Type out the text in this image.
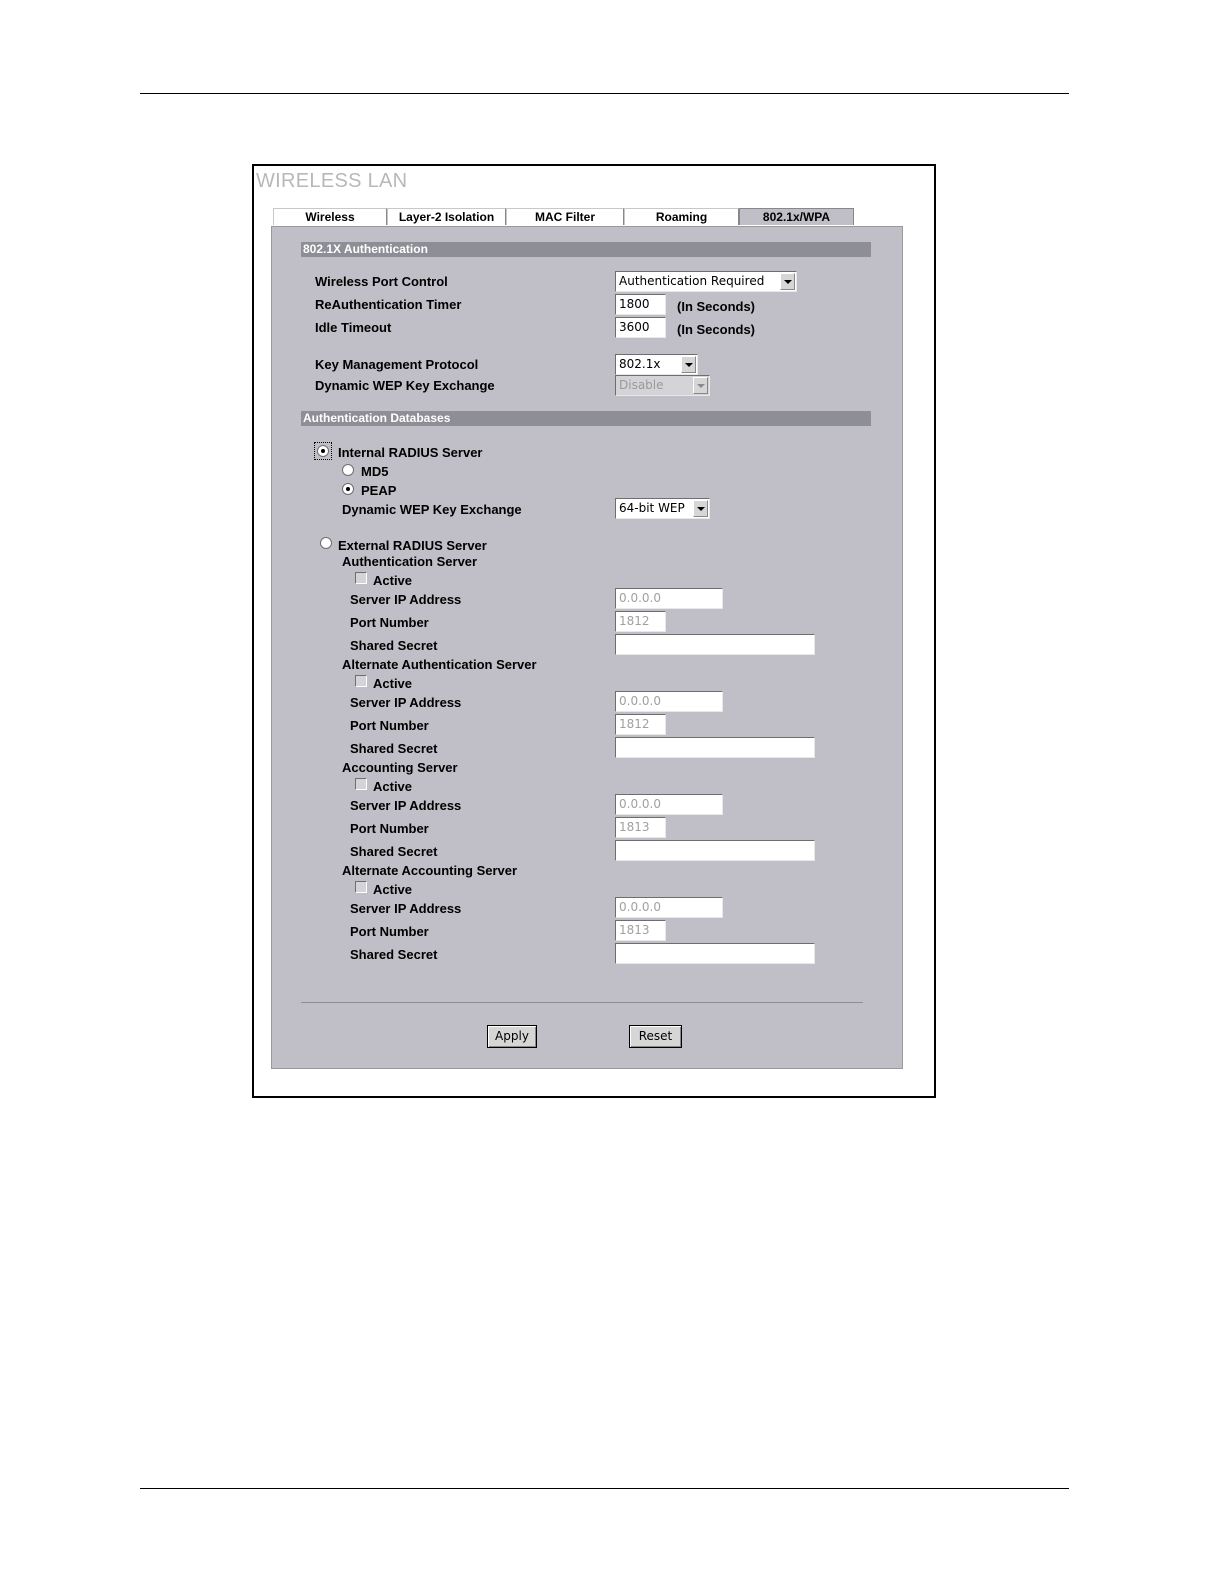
WIRELESS LAN
Wireless	Layer-2 Isolation	MAC Filter	Roaming	802.1x/WPA
802.1X Authentication
Wireless Port Control	Authentication Required
ReAuthentication Timer	1800	(In Seconds)
Idle Timeout	3600	(In Seconds)
Key Management Protocol	802.1x
Dynamic WEP Key Exchange	Disable
Authentication Databases
Internal RADIUS Server
MD5
PEAP
Dynamic WEP Key Exchange	64-bit WEP
External RADIUS Server
Authentication Server
Active
Server IP Address	0.0.0.0
Port Number	1812
Shared Secret
Alternate Authentication Server
Active
Server IP Address	0.0.0.0
Port Number	1812
Shared Secret
Accounting Server
Active
Server IP Address	0.0.0.0
Port Number	1813
Shared Secret
Alternate Accounting Server
Active
Server IP Address	0.0.0.0
Port Number	1813
Shared Secret
Apply	Reset
